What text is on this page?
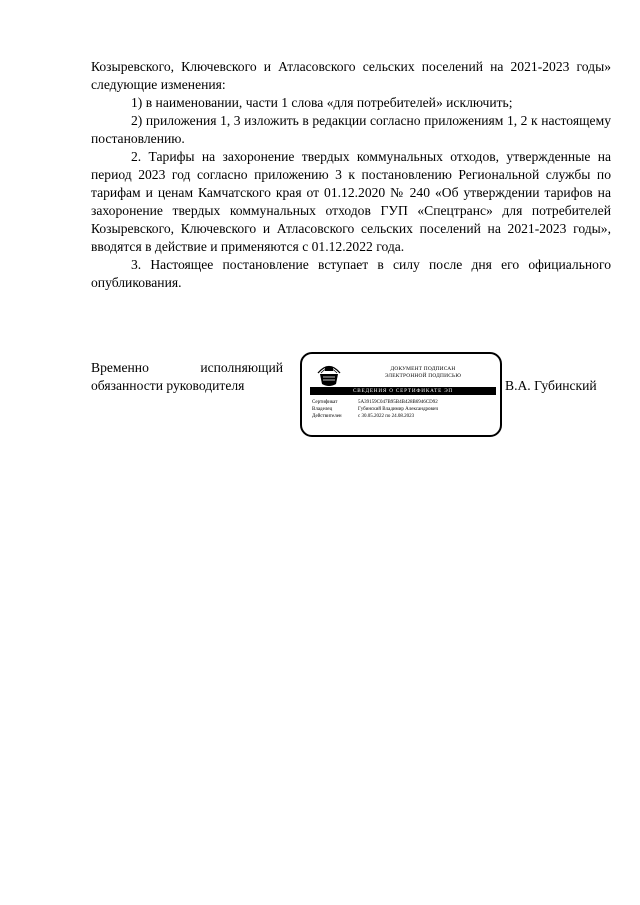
Козыревского, Ключевского и Атласовского сельских поселений на 2021-2023 годы» следующие изменения:

1) в наименовании, части 1 слова «для потребителей» исключить;

2) приложения 1, 3 изложить в редакции согласно приложениям 1, 2 к настоящему постановлению.

2. Тарифы на захоронение твердых коммунальных отходов, утвержденные на период 2023 год согласно приложению 3 к постановлению Региональной службы по тарифам и ценам Камчатского края от 01.12.2020 № 240 «Об утверждении тарифов на захоронение твердых коммунальных отходов ГУП «Спецтранс» для потребителей Козыревского, Ключевского и Атласовского сельских поселений на 2021-2023 годы», вводятся в действие и применяются с 01.12.2022 года.

3. Настоящее постановление вступает в силу после дня его официального опубликования.

Временно	исполняющий
обязанности руководителя
ДОКУМЕНТ ПОДПИСАН
ЭЛЕКТРОННОЙ ПОДПИСЬЮ
СВЕДЕНИЯ О СЕРТИФИКАТЕ ЭП
Сертификат	5A39159C047B95B4B428B6946CD92
Владелец	Губинский Владимир Александрович
Действителен	с 30.05.2022 по 24.08.2023
В.А. Губинский
